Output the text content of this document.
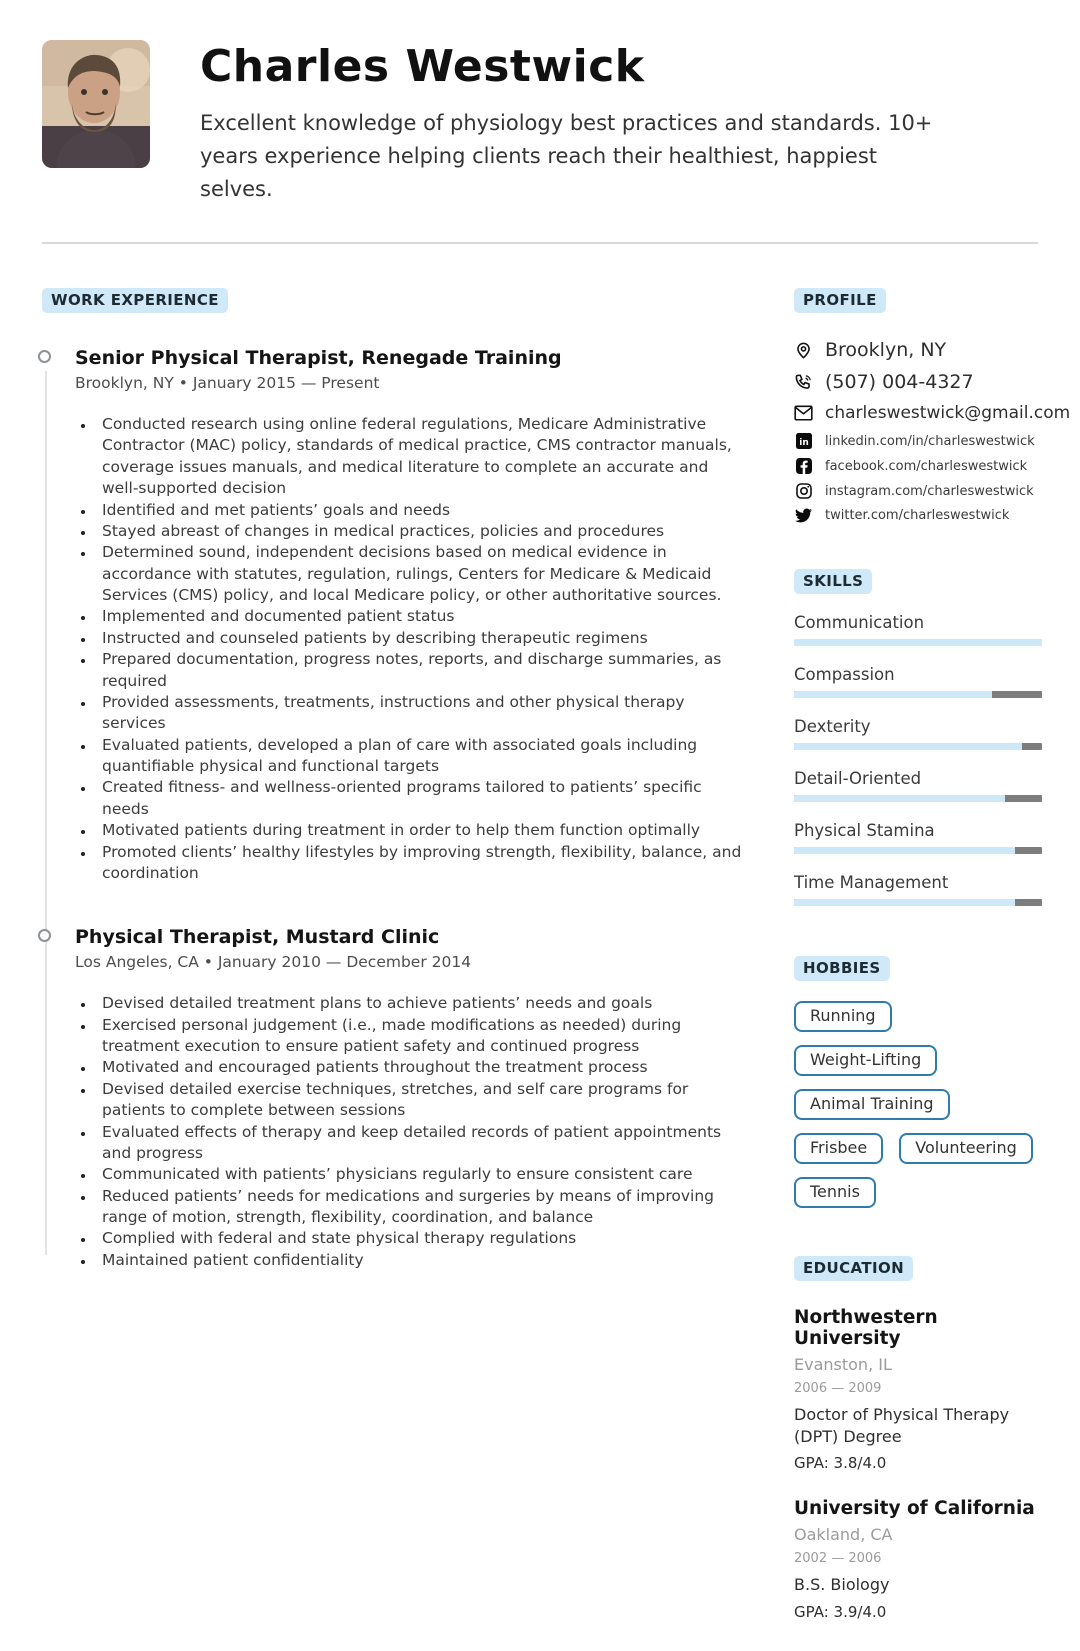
Charles Westwick

Excellent knowledge of physiology best practices and standards. 10+ years experience helping clients reach their healthiest, happiest selves.

WORK EXPERIENCE
Senior Physical Therapist, Renegade Training
Brooklyn, NY • January 2015 — Present
• Conducted research using online federal regulations, Medicare Administrative Contractor (MAC) policy, standards of medical practice, CMS contractor manuals, coverage issues manuals, and medical literature to complete an accurate and well-supported decision
• Identified and met patients’ goals and needs
• Stayed abreast of changes in medical practices, policies and procedures
• Determined sound, independent decisions based on medical evidence in accordance with statutes, regulation, rulings, Centers for Medicare & Medicaid Services (CMS) policy, and local Medicare policy, or other authoritative sources.
• Implemented and documented patient status
• Instructed and counseled patients by describing therapeutic regimens
• Prepared documentation, progress notes, reports, and discharge summaries, as required
• Provided assessments, treatments, instructions and other physical therapy services
• Evaluated patients, developed a plan of care with associated goals including quantifiable physical and functional targets
• Created fitness- and wellness-oriented programs tailored to patients’ specific needs
• Motivated patients during treatment in order to help them function optimally
• Promoted clients’ healthy lifestyles by improving strength, flexibility, balance, and coordination
Physical Therapist, Mustard Clinic
Los Angeles, CA • January 2010 — December 2014
• Devised detailed treatment plans to achieve patients’ needs and goals
• Exercised personal judgement (i.e., made modifications as needed) during treatment execution to ensure patient safety and continued progress
• Motivated and encouraged patients throughout the treatment process
• Devised detailed exercise techniques, stretches, and self care programs for patients to complete between sessions
• Evaluated effects of therapy and keep detailed records of patient appointments and progress
• Communicated with patients’ physicians regularly to ensure consistent care
• Reduced patients’ needs for medications and surgeries by means of improving range of motion, strength, flexibility, coordination, and balance
• Complied with federal and state physical therapy regulations
• Maintained patient confidentiality
PROFILE
Brooklyn, NY
(507) 004-4327
charleswestwick@gmail.com
in linkedin.com/in/charleswestwick
facebook.com/charleswestwick
instagram.com/charleswestwick
twitter.com/charleswestwick
SKILLS
Communication
Compassion
Dexterity
Detail-Oriented
Physical Stamina
Time Management
HOBBIES
Running
Weight-Lifting
Animal Training
Frisbee	Volunteering
Tennis
EDUCATION
Northwestern University
Evanston, IL
2006 — 2009
Doctor of Physical Therapy (DPT) Degree
GPA: 3.8/4.0
University of California
Oakland, CA
2002 — 2006
B.S. Biology
GPA: 3.9/4.0
